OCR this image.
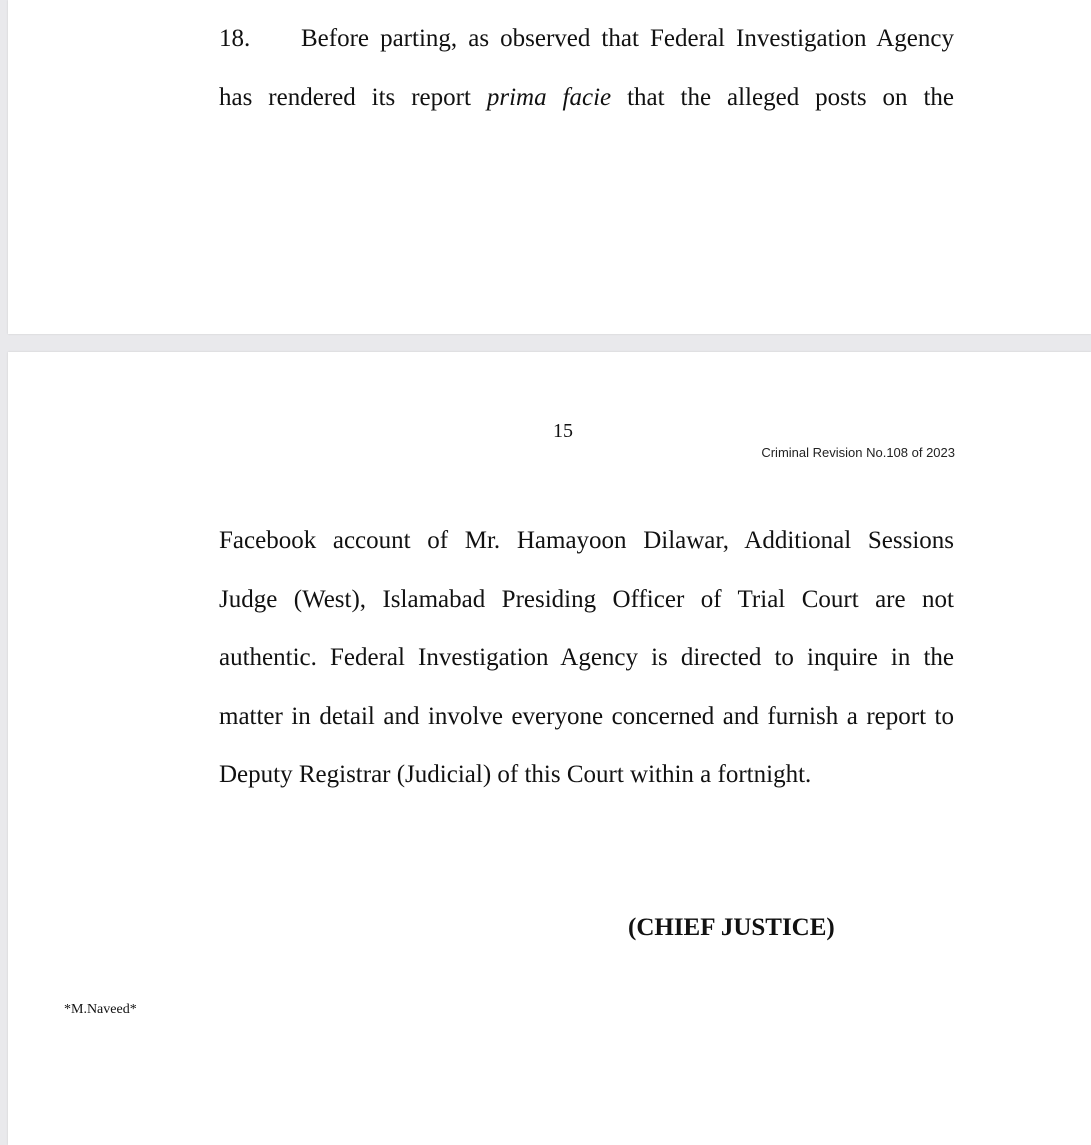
18. Before parting, as observed that Federal Investigation Agency
has rendered its report prima facie that the alleged posts on the
15
Criminal Revision No.108 of 2023
Facebook account of Mr. Hamayoon Dilawar, Additional Sessions
Judge (West), Islamabad Presiding Officer of Trial Court are not
authentic. Federal Investigation Agency is directed to inquire in the
matter in detail and involve everyone concerned and furnish a report to
Deputy Registrar (Judicial) of this Court within a fortnight.
(CHIEF JUSTICE)
*M.Naveed*
